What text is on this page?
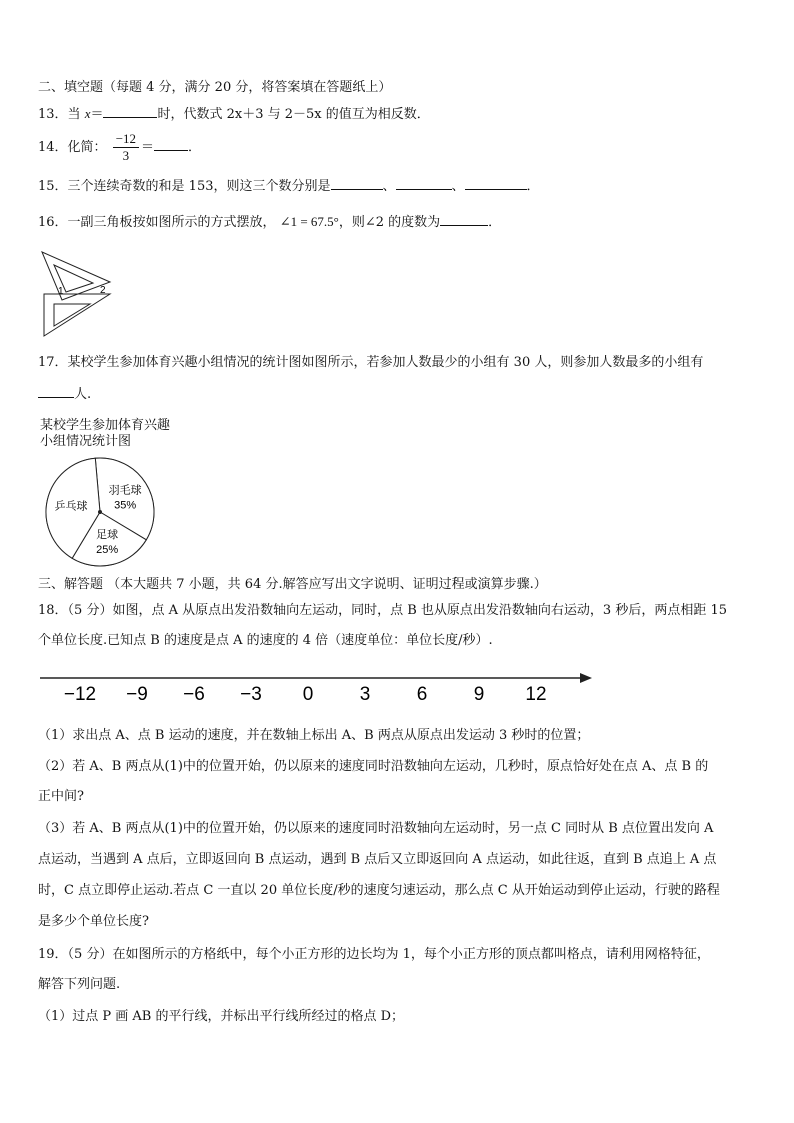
二、填空题（每题 4 分，满分 20 分，将答案填在答题纸上）
13．当 x＝	时，代数式 2x＋3 与 2－5x 的值互为相反数．
14．化简： $\frac{-12}{3}$ ＝	．
15．三个连续奇数的和是 153，则这三个数分别是	、	、	．
16．一副三角板按如图所示的方式摆放， ∠1 = 67.5°，则∠2 的度数为	．
1	2
17．某校学生参加体育兴趣小组情况的统计图如图所示，若参加人数最少的小组有 30 人，则参加人数最多的小组有
人.
某校学生参加体育兴趣
小组情况统计图
羽毛球
35%
足球
25%
乒乓球
三、解答题 （本大题共 7 小题，共 64 分.解答应写出文字说明、证明过程或演算步骤.）
18．（5 分）如图，点 A 从原点出发沿数轴向左运动，同时，点 B 也从原点出发沿数轴向右运动，3 秒后，两点相距 15
个单位长度.已知点 B 的速度是点 A 的速度的 4 倍（速度单位：单位长度/秒）.
−12 −9 −6 −3 0 3 6 9 12
（1）求出点 A、点 B 运动的速度，并在数轴上标出 A、B 两点从原点出发运动 3 秒时的位置；
（2）若 A、B 两点从(1)中的位置开始，仍以原来的速度同时沿数轴向左运动，几秒时，原点恰好处在点 A、点 B 的
正中间?
（3）若 A、B 两点从(1)中的位置开始，仍以原来的速度同时沿数轴向左运动时，另一点 C 同时从 B 点位置出发向 A
点运动，当遇到 A 点后，立即返回向 B 点运动，遇到 B 点后又立即返回向 A 点运动，如此往返，直到 B 点追上 A 点
时，C 点立即停止运动.若点 C 一直以 20 单位长度/秒的速度匀速运动，那么点 C 从开始运动到停止运动，行驶的路程
是多少个单位长度?
19．（5 分）在如图所示的方格纸中，每个小正方形的边长均为 1，每个小正方形的顶点都叫格点，请利用网格特征，
解答下列问题.
（1）过点 P 画 AB 的平行线，并标出平行线所经过的格点 D；
